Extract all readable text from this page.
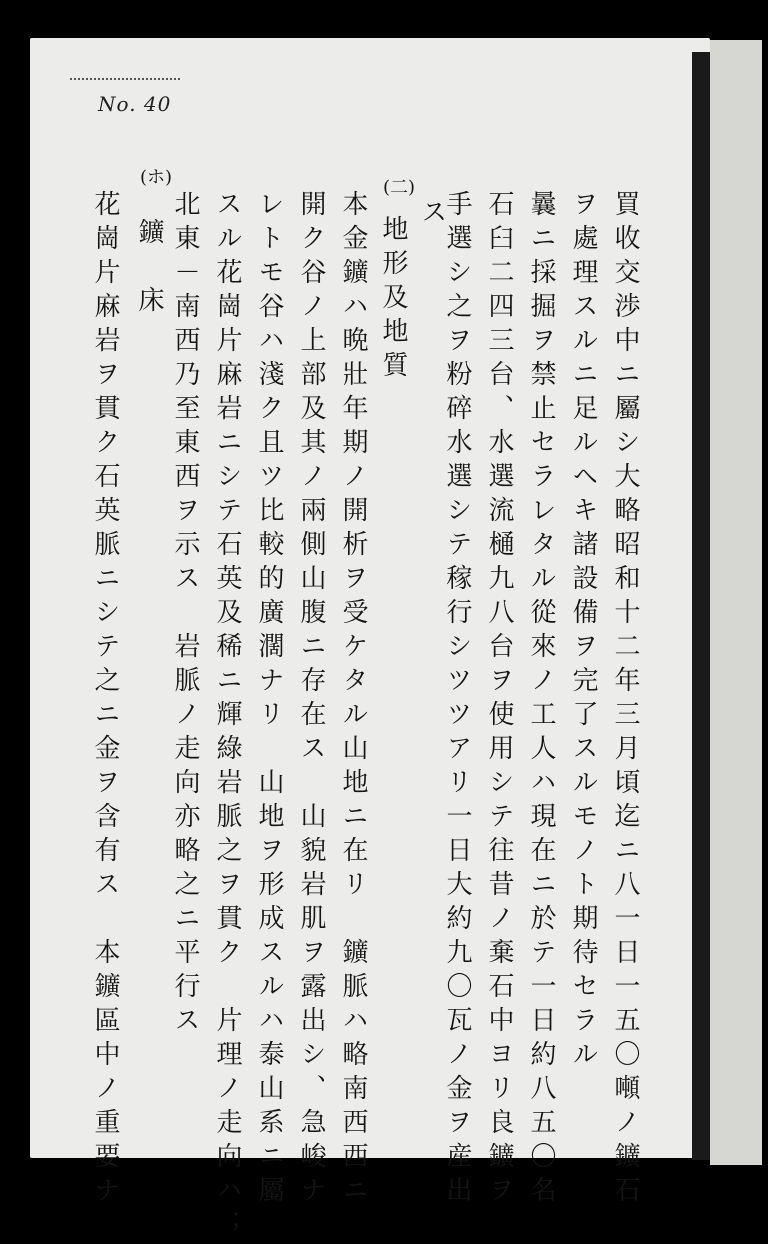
No. 40
(二)
(ホ)
買收交渉中ニ屬シ大略昭和十二年三月頃迄ニ八一日一五〇噸ノ鑛石
ヲ處理スルニ足ルヘキ諸設備ヲ完了スルモノト期待セラル
曩ニ採掘ヲ禁止セラレタル從來ノ工人ハ現在ニ於テ一日約八五〇名
石臼二四三台、水選流樋九八台ヲ使用シテ往昔ノ棄石中ヨリ良鑛ヲ
手選シ之ヲ粉碎水選シテ稼行シツツアリ一日大約九〇瓦ノ金ヲ産出
ス
地形及地質
本金鑛ハ晩壯年期ノ開析ヲ受ケタル山地ニ在リ　鑛脈ハ略南西西ニ
開ク谷ノ上部及其ノ兩側山腹ニ存在ス　山貌岩肌ヲ露出シ、急峻ナ
レトモ谷ハ淺ク且ツ比較的廣濶ナリ　山地ヲ形成スルハ泰山系ニ屬
スル花崗片麻岩ニシテ石英及稀ニ輝綠岩脈之ヲ貫ク　片理ノ走向ハ；
北東－南西乃至東西ヲ示ス　岩脈ノ走向亦略之ニ平行ス
鑛　床
花崗片麻岩ヲ貫ク石英脈ニシテ之ニ金ヲ含有ス　本鑛區中ノ重要ナ
